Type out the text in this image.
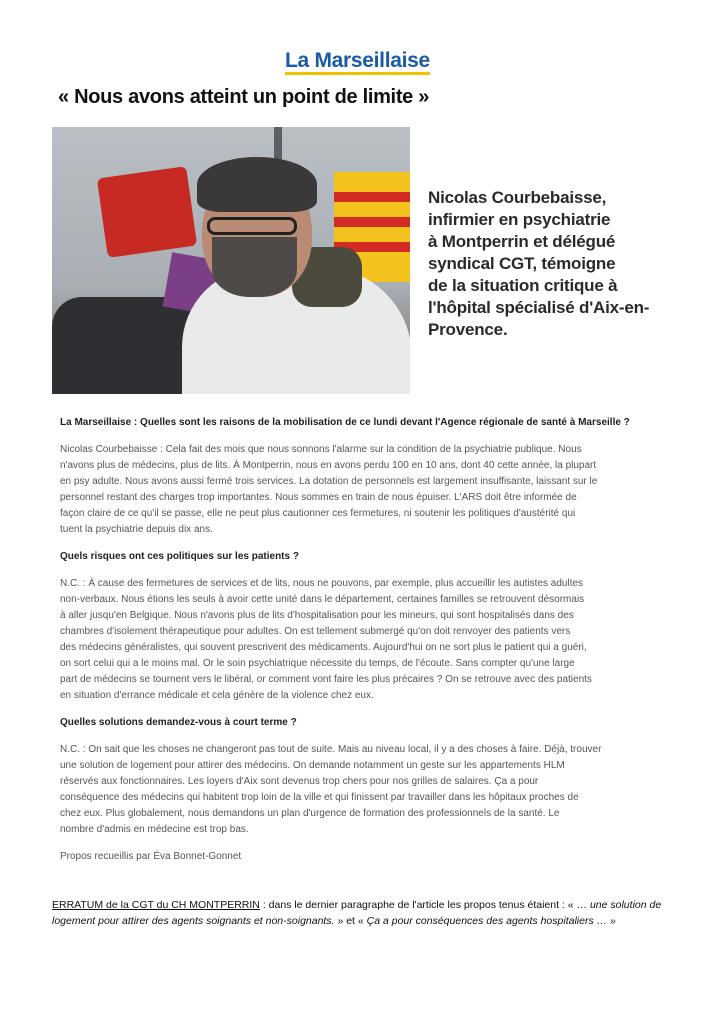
La Marseillaise
« Nous avons atteint un point de limite »
Nicolas Courbebaisse,
infirmier en psychiatrie
à Montperrin et délégué
syndical CGT, témoigne
de la situation critique à
l'hôpital spécialisé d'Aix-en-
Provence.

La Marseillaise : Quelles sont les raisons de la mobilisation de ce lundi devant l'Agence régionale de santé à Marseille ?

Nicolas Courbebaisse : Cela fait des mois que nous sonnons l'alarme sur la condition de la psychiatrie publique. Nous
n'avons plus de médecins, plus de lits. À Montperrin, nous en avons perdu 100 en 10 ans, dont 40 cette année, la plupart
en psy adulte. Nous avons aussi fermé trois services. La dotation de personnels est largement insuffisante, laissant sur le
personnel restant des charges trop importantes. Nous sommes en train de nous épuiser. L'ARS doit être informée de
façon claire de ce qu'il se passe, elle ne peut plus cautionner ces fermetures, ni soutenir les politiques d'austérité qui
tuent la psychiatrie depuis dix ans.

Quels risques ont ces politiques sur les patients ?

N.C. : À cause des fermetures de services et de lits, nous ne pouvons, par exemple, plus accueillir les autistes adultes
non-verbaux. Nous étions les seuls à avoir cette unité dans le département, certaines familles se retrouvent désormais
à aller jusqu'en Belgique. Nous n'avons plus de lits d'hospitalisation pour les mineurs, qui sont hospitalisés dans des
chambres d'isolement thérapeutique pour adultes. On est tellement submergé qu'on doit renvoyer des patients vers
des médecins généralistes, qui souvent prescrivent des médicaments. Aujourd'hui on ne sort plus le patient qui a guéri,
on sort celui qui a le moins mal. Or le soin psychiatrique nécessite du temps, de l'écoute. Sans compter qu'une large
part de médecins se tournent vers le libéral, or comment vont faire les plus précaires ? On se retrouve avec des patients
en situation d'errance médicale et cela génère de la violence chez eux.

Quelles solutions demandez-vous à court terme ?

N.C. : On sait que les choses ne changeront pas tout de suite. Mais au niveau local, il y a des choses à faire. Déjà, trouver
une solution de logement pour attirer des médecins. On demande notamment un geste sur les appartements HLM
réservés aux fonctionnaires. Les loyers d'Aix sont devenus trop chers pour nos grilles de salaires. Ça a pour
conséquence des médecins qui habitent trop loin de la ville et qui finissent par travailler dans les hôpitaux proches de
chez eux. Plus globalement, nous demandons un plan d'urgence de formation des professionnels de la santé. Le
nombre d'admis en médecine est trop bas.

Propos recueillis par Éva Bonnet-Gonnet
ERRATUM de la CGT du CH MONTPERRIN : dans le dernier paragraphe de l'article les propos tenus étaient : « … une solution de logement pour attirer des agents soignants et non-soignants. » et « Ça a pour conséquences des agents hospitaliers … »
